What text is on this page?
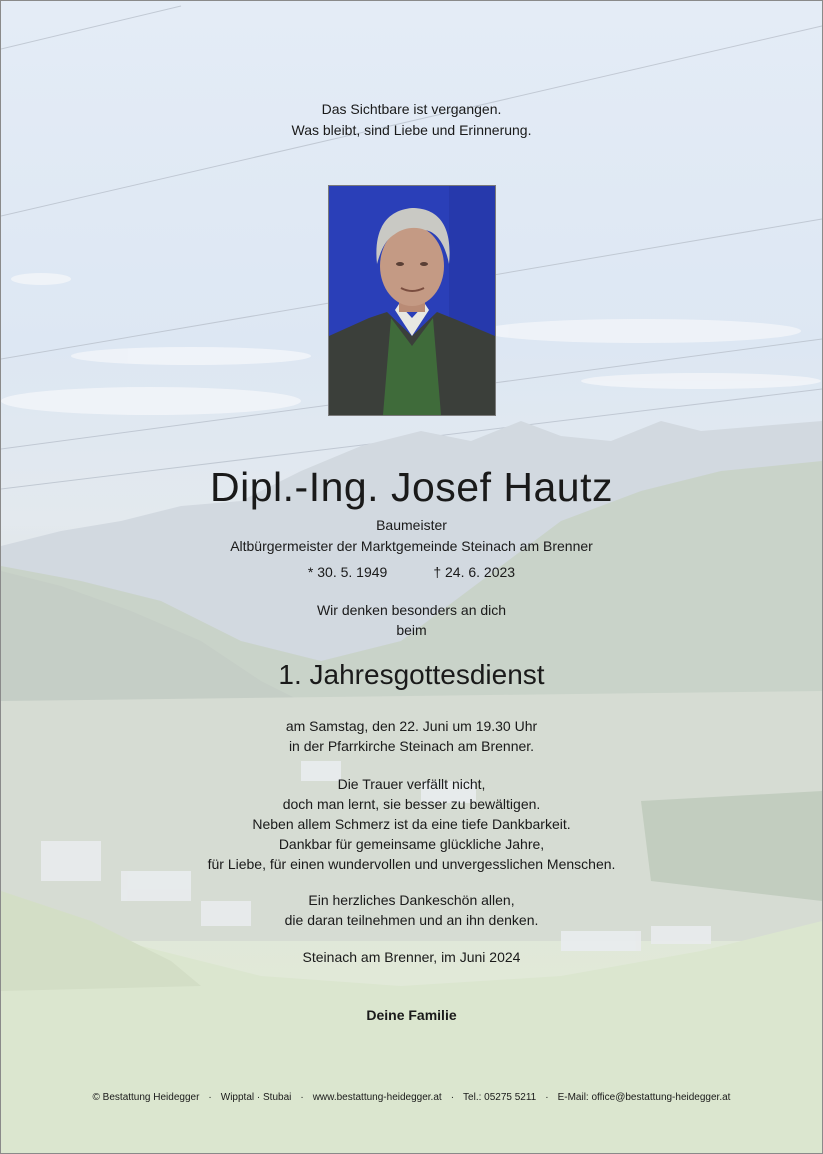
Das Sichtbare ist vergangen.
Was bleibt, sind Liebe und Erinnerung.
Dipl.-Ing. Josef Hautz
Baumeister
Altbürgermeister der Marktgemeinde Steinach am Brenner
* 30. 5. 1949	† 24. 6. 2023
Wir denken besonders an dich
beim
1. Jahresgottesdienst
am Samstag, den 22. Juni um 19.30 Uhr
in der Pfarrkirche Steinach am Brenner.
Die Trauer verfällt nicht,
doch man lernt, sie besser zu bewältigen.
Neben allem Schmerz ist da eine tiefe Dankbarkeit.
Dankbar für gemeinsame glückliche Jahre,
für Liebe, für einen wundervollen und unvergesslichen Menschen.
Ein herzliches Dankeschön allen,
die daran teilnehmen und an ihn denken.
Steinach am Brenner, im Juni 2024
Deine Familie
© Bestattung Heidegger · Wipptal · Stubai · www.bestattung-heidegger.at · Tel.: 05275 5211 · E-Mail: office@bestattung-heidegger.at
